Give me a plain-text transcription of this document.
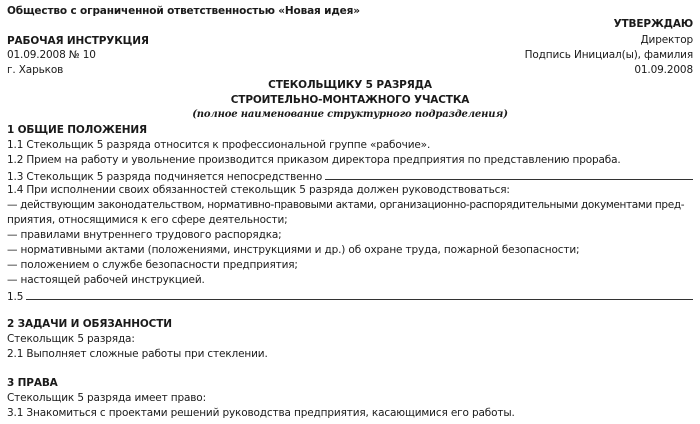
Общество с ограниченной ответственностью «Новая идея»
РАБОЧАЯ ИНСТРУКЦИЯ
01.09.2008 № 10
г. Харьков
УТВЕРЖДАЮ
Директор
Подпись Инициал(ы), фамилия
01.09.2008
СТЕКОЛЬЩИКУ 5 РАЗРЯДА
СТРОИТЕЛЬНО-МОНТАЖНОГО УЧАСТКА
(полное наименование структурного подразделения)
1 ОБЩИЕ ПОЛОЖЕНИЯ
1.1 Стекольщик 5 разряда относится к профессиональной группе «рабочие».
1.2 Прием на работу и увольнение производится приказом директора предприятия по представлению прораба.
1.3 Стекольщик 5 разряда подчиняется непосредственно
1.4 При исполнении своих обязанностей стекольщик 5 разряда должен руководствоваться:
— действующим законодательством, нормативно-правовыми актами, организационно-распорядительными документами пред-
приятия, относящимися к его сфере деятельности;
— правилами внутреннего трудового распорядка;
— нормативными актами (положениями, инструкциями и др.) об охране труда, пожарной безопасности;
— положением о службе безопасности предприятия;
— настоящей рабочей инструкцией.
1.5
2 ЗАДАЧИ И ОБЯЗАННОСТИ
Стекольщик 5 разряда:
2.1 Выполняет сложные работы при стеклении.
3 ПРАВА
Стекольщик 5 разряда имеет право:
3.1 Знакомиться с проектами решений руководства предприятия, касающимися его работы.
